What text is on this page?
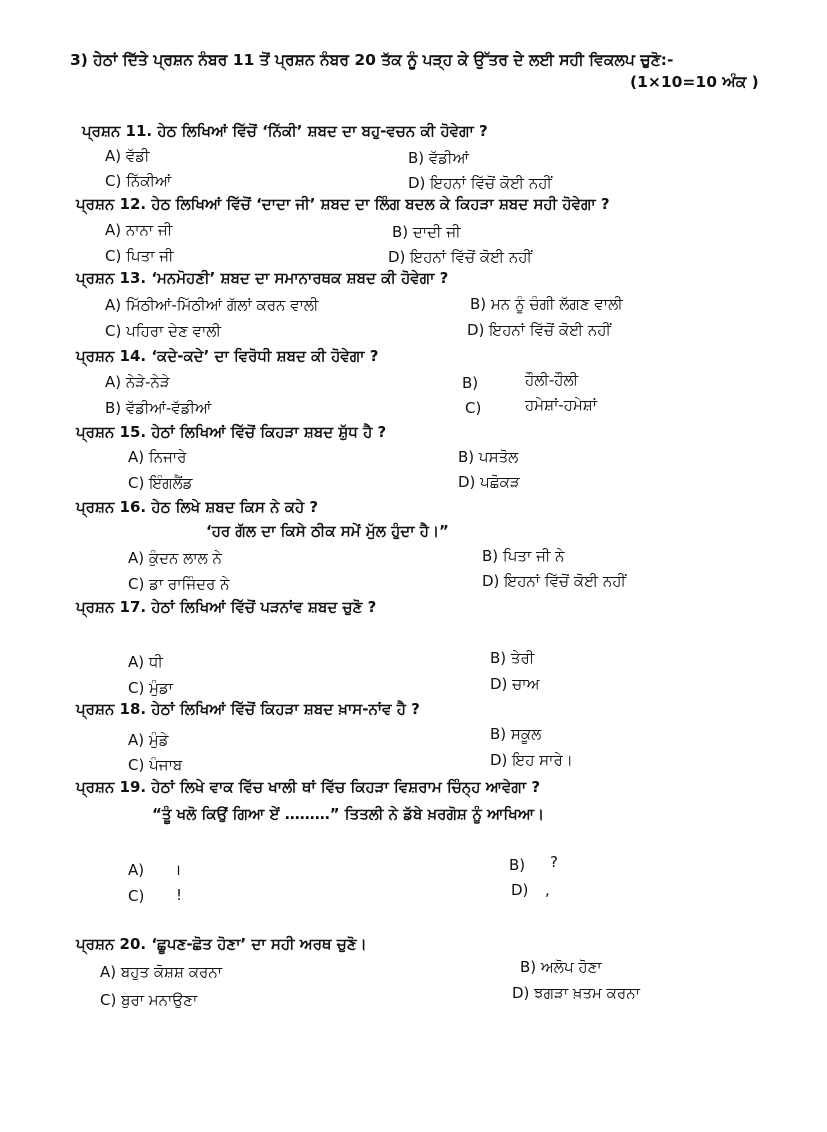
3) ਹੇਠਾਂ ਦਿੱਤੇ ਪ੍ਰਸ਼ਨ ਨੰਬਰ 11 ਤੋਂ ਪ੍ਰਸ਼ਨ ਨੰਬਰ 20 ਤੱਕ ਨੂੰ ਪੜ੍ਹ ਕੇ ਉੱਤਰ ਦੇ ਲਈ ਸਹੀ ਵਿਕਲਪ ਚੁਣੋ:-
(1×10=10 ਅੰਕ )
ਪ੍ਰਸ਼ਨ 11. ਹੇਠ ਲਿਖਿਆਂ ਵਿੱਚੋਂ ‘ਨਿੱਕੀ’ ਸ਼ਬਦ ਦਾ ਬਹੁ-ਵਚਨ ਕੀ ਹੋਵੇਗਾ ?
A) ਵੱਡੀ	B) ਵੱਡੀਆਂ
C) ਨਿੱਕੀਆਂ	D) ਇਹਨਾਂ ਵਿੱਚੋਂ ਕੋਈ ਨਹੀਂ
ਪ੍ਰਸ਼ਨ 12. ਹੇਠ ਲਿਖਿਆਂ ਵਿੱਚੋਂ ‘ਦਾਦਾ ਜੀ’ ਸ਼ਬਦ ਦਾ ਲਿੰਗ ਬਦਲ ਕੇ ਕਿਹੜਾ ਸ਼ਬਦ ਸਹੀ ਹੋਵੇਗਾ ?
A) ਨਾਨਾ ਜੀ	B) ਦਾਦੀ ਜੀ
C) ਪਿਤਾ ਜੀ	D) ਇਹਨਾਂ ਵਿੱਚੋਂ ਕੋਈ ਨਹੀਂ
ਪ੍ਰਸ਼ਨ 13. ‘ਮਨਮੋਹਣੀ’ ਸ਼ਬਦ ਦਾ ਸਮਾਨਾਰਥਕ ਸ਼ਬਦ ਕੀ ਹੋਵੇਗਾ ?
A) ਮਿੱਠੀਆਂ-ਮਿੱਠੀਆਂ ਗੱਲਾਂ ਕਰਨ ਵਾਲੀ	B) ਮਨ ਨੂੰ ਚੰਗੀ ਲੱਗਣ ਵਾਲੀ
C) ਪਹਿਰਾ ਦੇਣ ਵਾਲੀ	D) ਇਹਨਾਂ ਵਿੱਚੋਂ ਕੋਈ ਨਹੀਂ
ਪ੍ਰਸ਼ਨ 14. ‘ਕਦੇ-ਕਦੇ’ ਦਾ ਵਿਰੋਧੀ ਸ਼ਬਦ ਕੀ ਹੋਵੇਗਾ ?
A) ਨੇੜੇ-ਨੇੜੇ	B)	ਹੌਲੀ-ਹੌਲੀ
B) ਵੱਡੀਆਂ-ਵੱਡੀਆਂ	C)	ਹਮੇਸ਼ਾਂ-ਹਮੇਸ਼ਾਂ
ਪ੍ਰਸ਼ਨ 15. ਹੇਠਾਂ ਲਿਖਿਆਂ ਵਿੱਚੋਂ ਕਿਹੜਾ ਸ਼ਬਦ ਸ਼ੁੱਧ ਹੈ ?
A) ਨਿਜਾਰੇ	B) ਪਸਤੋਲ
C) ਇੰਗਲੈਂਡ	D) ਪਛੋਕੜ
ਪ੍ਰਸ਼ਨ 16. ਹੇਠ ਲਿਖੇ ਸ਼ਬਦ ਕਿਸ ਨੇ ਕਹੇ ?
‘ਹਰ ਗੱਲ ਦਾ ਕਿਸੇ ਠੀਕ ਸਮੇਂ ਮੁੱਲ ਹੁੰਦਾ ਹੈ।”
A) ਕੁੰਦਨ ਲਾਲ ਨੇ	B) ਪਿਤਾ ਜੀ ਨੇ
C) ਡਾ ਰਾਜਿੰਦਰ ਨੇ	D) ਇਹਨਾਂ ਵਿੱਚੋਂ ਕੋਈ ਨਹੀਂ
ਪ੍ਰਸ਼ਨ 17. ਹੇਠਾਂ ਲਿਖਿਆਂ ਵਿੱਚੋਂ ਪੜਨਾਂਵ ਸ਼ਬਦ ਚੁਣੋ ?
A) ਧੀ	B) ਤੇਰੀ
C) ਮੁੰਡਾ	D) ਚਾਅ
ਪ੍ਰਸ਼ਨ 18. ਹੇਠਾਂ ਲਿਖਿਆਂ ਵਿੱਚੋਂ ਕਿਹੜਾ ਸ਼ਬਦ ਖ਼ਾਸ-ਨਾਂਵ ਹੈ ?
A) ਮੁੰਡੇ	B) ਸਕੂਲ
C) ਪੰਜਾਬ	D) ਇਹ ਸਾਰੇ।
ਪ੍ਰਸ਼ਨ 19. ਹੇਠਾਂ ਲਿਖੇ ਵਾਕ ਵਿੱਚ ਖਾਲੀ ਥਾਂ ਵਿੱਚ ਕਿਹੜਾ ਵਿਸ਼ਰਾਮ ਚਿੰਨ੍ਹ ਆਵੇਗਾ ?
“ਤੂੰ ਖਲੋ ਕਿਉਂ ਗਿਆ ਏਂ ………” ਤਿਤਲੀ ਨੇ ਡੱਬੇ ਖ਼ਰਗੋਸ਼ ਨੂੰ ਆਖਿਆ।
A) ।	B) ?
C) !	D) ,
ਪ੍ਰਸ਼ਨ 20. ‘ਛੂਪਣ-ਛੋਤ ਹੋਣਾ’ ਦਾ ਸਹੀ ਅਰਥ ਚੁਣੋ।
A) ਬਹੁਤ ਕੋਸ਼ਸ਼ ਕਰਨਾ	B) ਅਲੋਪ ਹੋਣਾ
C) ਬੁਰਾ ਮਨਾਉਣਾ	D) ਝਗੜਾ ਖ਼ਤਮ ਕਰਨਾ
